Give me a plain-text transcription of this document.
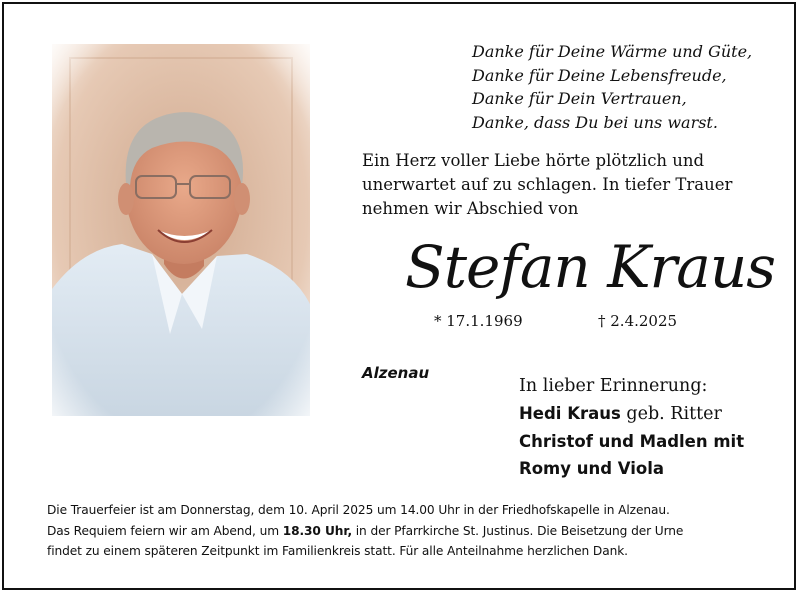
Danke für Deine Wärme und Güte,
Danke für Deine Lebensfreude,
Danke für Dein Vertrauen,
Danke, dass Du bei uns warst.
Ein Herz voller Liebe hörte plötzlich und
unerwartet auf zu schlagen. In tiefer Trauer
nehmen wir Abschied von
Stefan Kraus
* 17.1.1969	† 2.4.2025
Alzenau
In lieber Erinnerung:
Hedi Kraus geb. Ritter
Christof und Madlen mit
Romy und Viola
Die Trauerfeier ist am Donnerstag, dem 10. April 2025 um 14.00 Uhr in der Friedhofskapelle in Alzenau.
Das Requiem feiern wir am Abend, um 18.30 Uhr, in der Pfarrkirche St. Justinus. Die Beisetzung der Urne
findet zu einem späteren Zeitpunkt im Familienkreis statt. Für alle Anteilnahme herzlichen Dank.
